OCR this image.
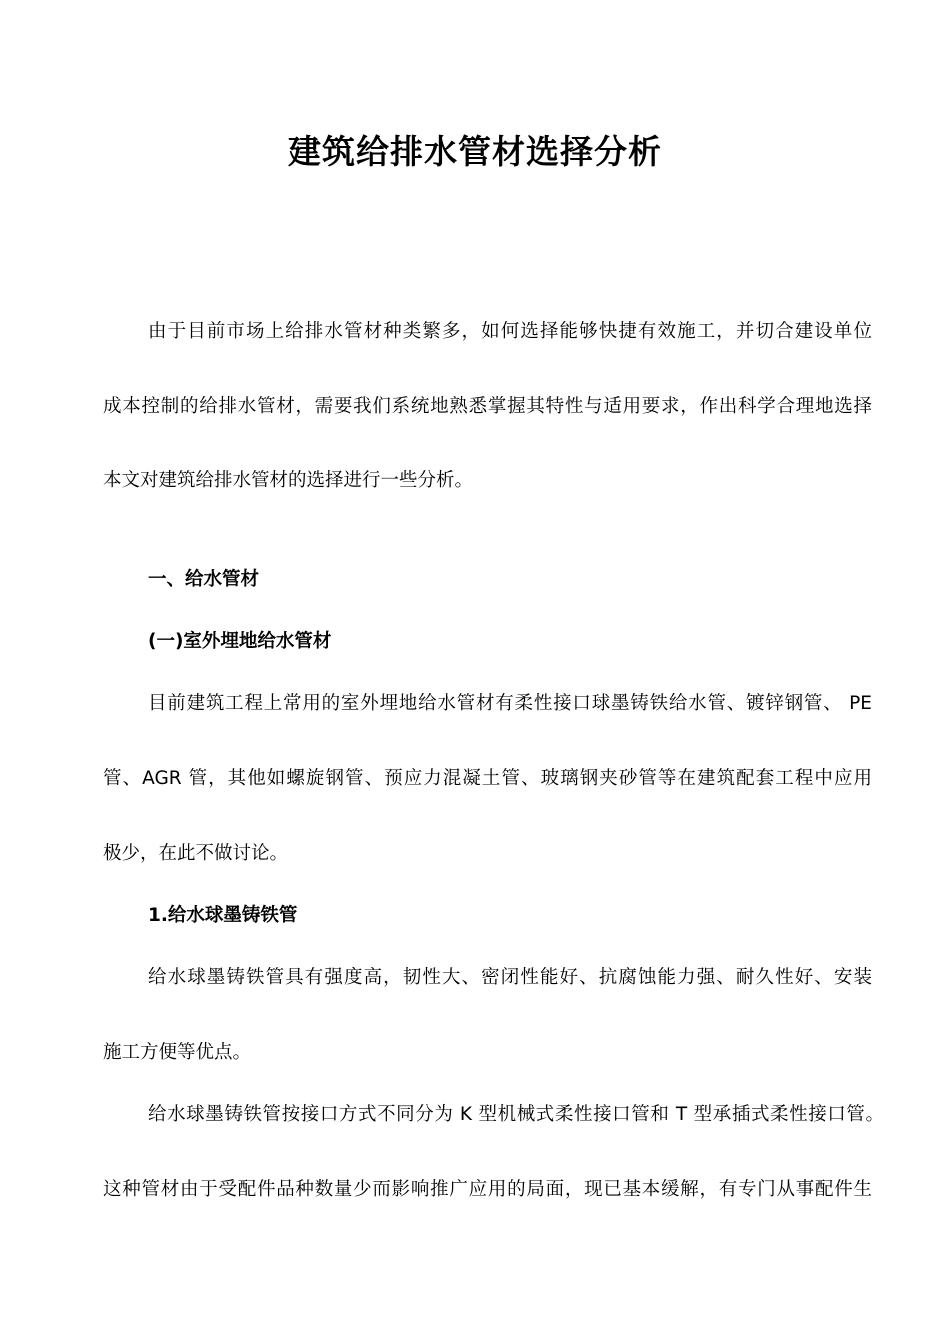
建筑给排水管材选择分析
由于目前市场上给排水管材种类繁多，如何选择能够快捷有效施工，并切合建设单位
成本控制的给排水管材，需要我们系统地熟悉掌握其特性与适用要求，作出科学合理地选择
本文对建筑给排水管材的选择进行一些分析。
一、给水管材
(一)室外埋地给水管材
目前建筑工程上常用的室外埋地给水管材有柔性接口球墨铸铁给水管、镀锌钢管、 PE
管、AGR 管，其他如螺旋钢管、预应力混凝土管、玻璃钢夹砂管等在建筑配套工程中应用
极少，在此不做讨论。
1.给水球墨铸铁管
给水球墨铸铁管具有强度高，韧性大、密闭性能好、抗腐蚀能力强、耐久性好、安装
施工方便等优点。
给水球墨铸铁管按接口方式不同分为 K 型机械式柔性接口管和 T 型承插式柔性接口管。
这种管材由于受配件品种数量少而影响推广应用的局面，现已基本缓解，有专门从事配件生
